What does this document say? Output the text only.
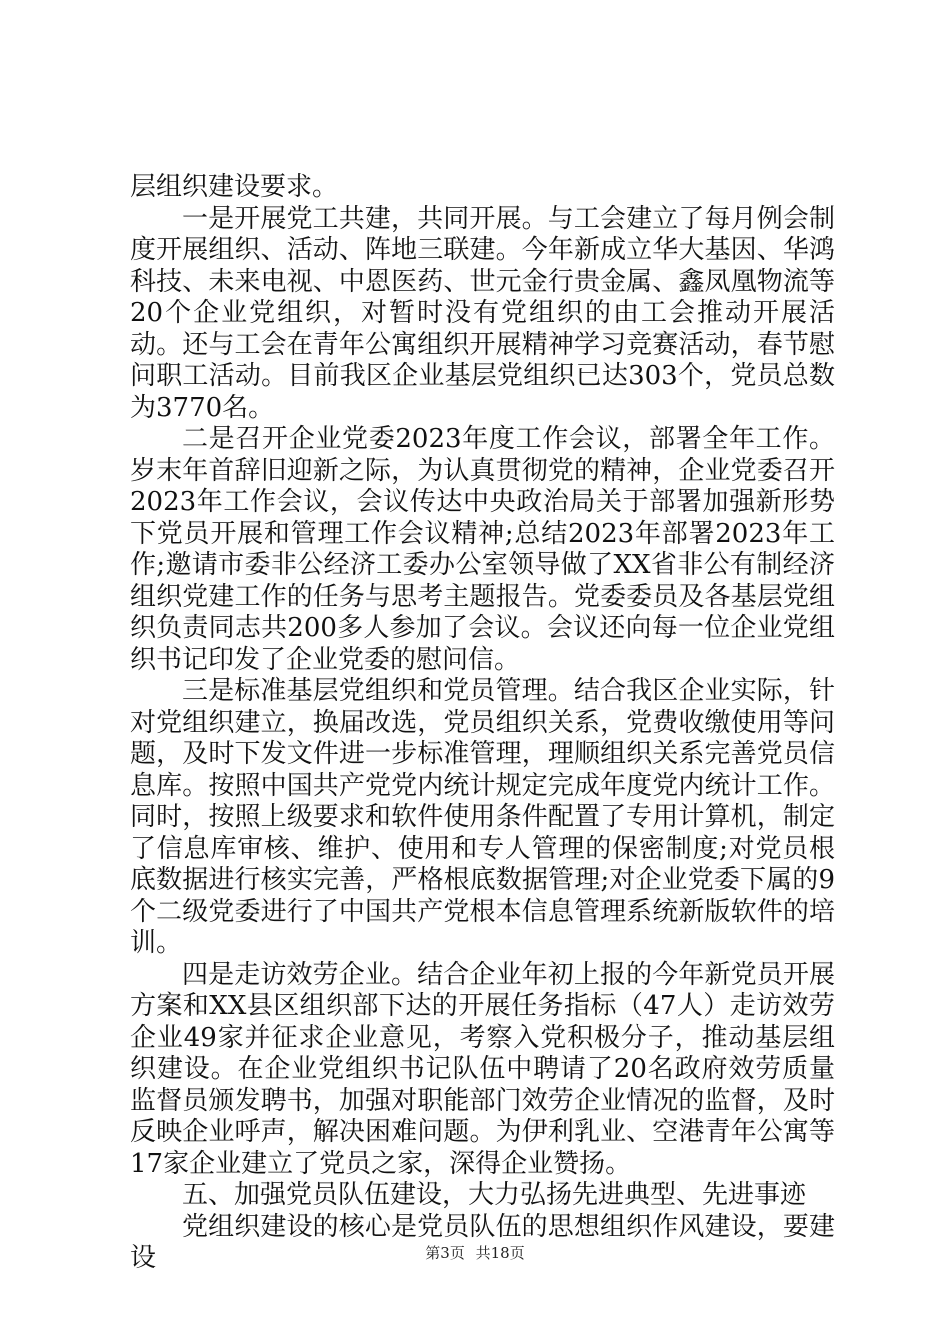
层组织建设要求。

一是开展党工共建，共同开展。与工会建立了每月例会制度开展组织、活动、阵地三联建。今年新成立华大基因、华鸿科技、未来电视、中恩医药、世元金行贵金属、鑫凤凰物流等20个企业党组织，对暂时没有党组织的由工会推动开展活动。还与工会在青年公寓组织开展精神学习竞赛活动，春节慰问职工活动。目前我区企业基层党组织已达303个，党员总数为3770名。

二是召开企业党委2023年度工作会议，部署全年工作。岁末年首辞旧迎新之际，为认真贯彻党的精神，企业党委召开2023年工作会议，会议传达中央政治局关于部署加强新形势下党员开展和管理工作会议精神;总结2023年部署2023年工作;邀请市委非公经济工委办公室领导做了XX省非公有制经济组织党建工作的任务与思考主题报告。党委委员及各基层党组织负责同志共200多人参加了会议。会议还向每一位企业党组织书记印发了企业党委的慰问信。

三是标准基层党组织和党员管理。结合我区企业实际，针对党组织建立，换届改选，党员组织关系，党费收缴使用等问题，及时下发文件进一步标准管理，理顺组织关系完善党员信息库。按照中国共产党党内统计规定完成年度党内统计工作。同时，按照上级要求和软件使用条件配置了专用计算机，制定了信息库审核、维护、使用和专人管理的保密制度;对党员根底数据进行核实完善，严格根底数据管理;对企业党委下属的9个二级党委进行了中国共产党根本信息管理系统新版软件的培训。

四是走访效劳企业。结合企业年初上报的今年新党员开展方案和XX县区组织部下达的开展任务指标（47人）走访效劳企业49家并征求企业意见，考察入党积极分子，推动基层组织建设。在企业党组织书记队伍中聘请了20名政府效劳质量监督员颁发聘书，加强对职能部门效劳企业情况的监督，及时反映企业呼声，解决困难问题。为伊利乳业、空港青年公寓等17家企业建立了党员之家，深得企业赞扬。

五、加强党员队伍建设，大力弘扬先进典型、先进事迹

党组织建设的核心是党员队伍的思想组织作风建设，要建设	第3页 共18页
